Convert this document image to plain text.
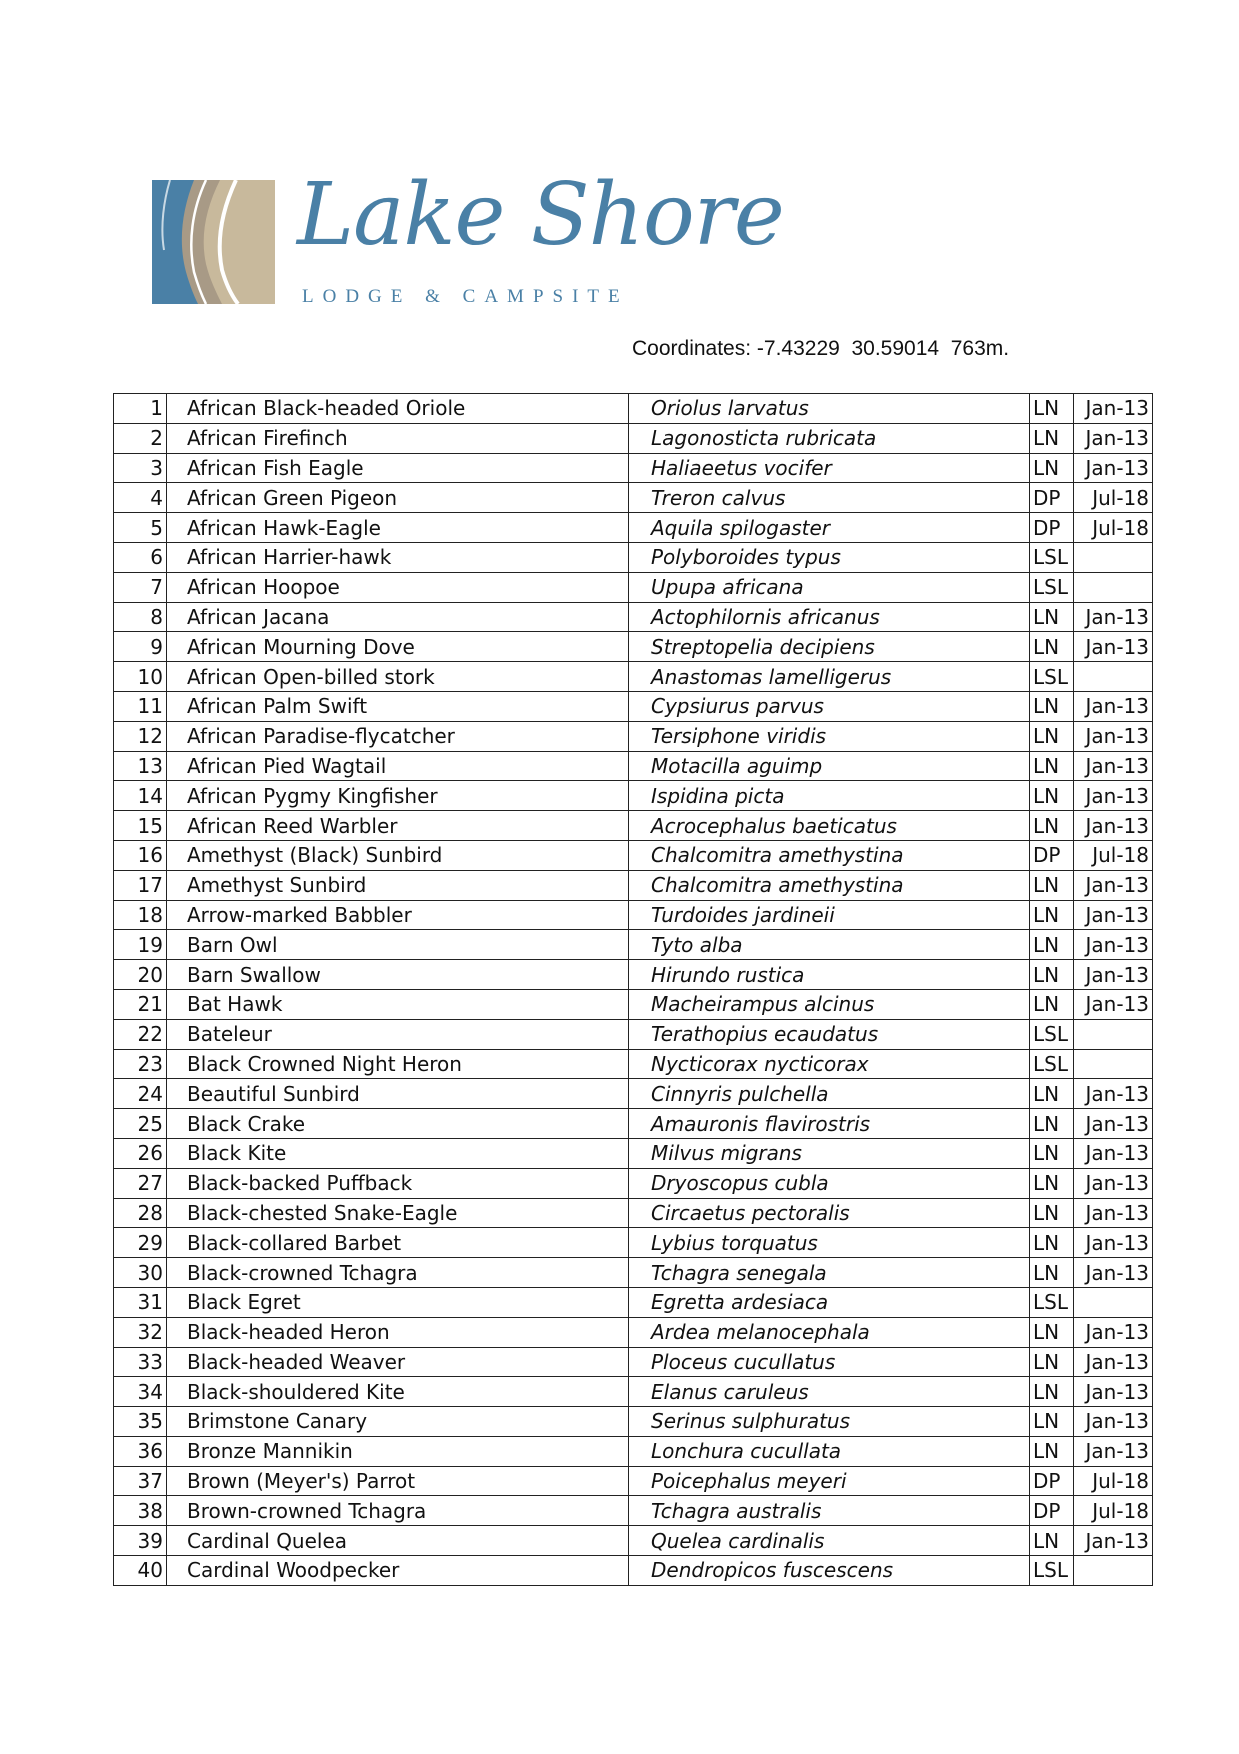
Lake Shore
LODGE & CAMPSITE
Coordinates: -7.43229  30.59014  763m.
1	African Black-headed Oriole	Oriolus larvatus	LN	Jan-13
2	African Firefinch	Lagonosticta rubricata	LN	Jan-13
3	African Fish Eagle	Haliaeetus vocifer	LN	Jan-13
4	African Green Pigeon	Treron calvus	DP	Jul-18
5	African Hawk-Eagle	Aquila spilogaster	DP	Jul-18
6	African Harrier-hawk	Polyboroides typus	LSL	
7	African Hoopoe	Upupa africana	LSL	
8	African Jacana	Actophilornis africanus	LN	Jan-13
9	African Mourning Dove	Streptopelia decipiens	LN	Jan-13
10	African Open-billed stork	Anastomas lamelligerus	LSL	
11	African Palm Swift	Cypsiurus parvus	LN	Jan-13
12	African Paradise-flycatcher	Tersiphone viridis	LN	Jan-13
13	African Pied Wagtail	Motacilla aguimp	LN	Jan-13
14	African Pygmy Kingfisher	Ispidina picta	LN	Jan-13
15	African Reed Warbler	Acrocephalus baeticatus	LN	Jan-13
16	Amethyst (Black) Sunbird	Chalcomitra amethystina	DP	Jul-18
17	Amethyst Sunbird	Chalcomitra amethystina	LN	Jan-13
18	Arrow-marked Babbler	Turdoides jardineii	LN	Jan-13
19	Barn Owl	Tyto alba	LN	Jan-13
20	Barn Swallow	Hirundo rustica	LN	Jan-13
21	Bat Hawk	Macheirampus alcinus	LN	Jan-13
22	Bateleur	Terathopius ecaudatus	LSL	
23	Black Crowned Night Heron	Nycticorax nycticorax	LSL	
24	Beautiful Sunbird	Cinnyris pulchella	LN	Jan-13
25	Black Crake	Amauronis flavirostris	LN	Jan-13
26	Black Kite	Milvus migrans	LN	Jan-13
27	Black-backed Puffback	Dryoscopus cubla	LN	Jan-13
28	Black-chested Snake-Eagle	Circaetus pectoralis	LN	Jan-13
29	Black-collared Barbet	Lybius torquatus	LN	Jan-13
30	Black-crowned Tchagra	Tchagra senegala	LN	Jan-13
31	Black Egret	Egretta ardesiaca	LSL	
32	Black-headed Heron	Ardea melanocephala	LN	Jan-13
33	Black-headed Weaver	Ploceus cucullatus	LN	Jan-13
34	Black-shouldered Kite	Elanus caruleus	LN	Jan-13
35	Brimstone Canary	Serinus sulphuratus	LN	Jan-13
36	Bronze Mannikin	Lonchura cucullata	LN	Jan-13
37	Brown (Meyer's) Parrot	Poicephalus meyeri	DP	Jul-18
38	Brown-crowned Tchagra	Tchagra australis	DP	Jul-18
39	Cardinal Quelea	Quelea cardinalis	LN	Jan-13
40	Cardinal Woodpecker	Dendropicos fuscescens	LSL	
